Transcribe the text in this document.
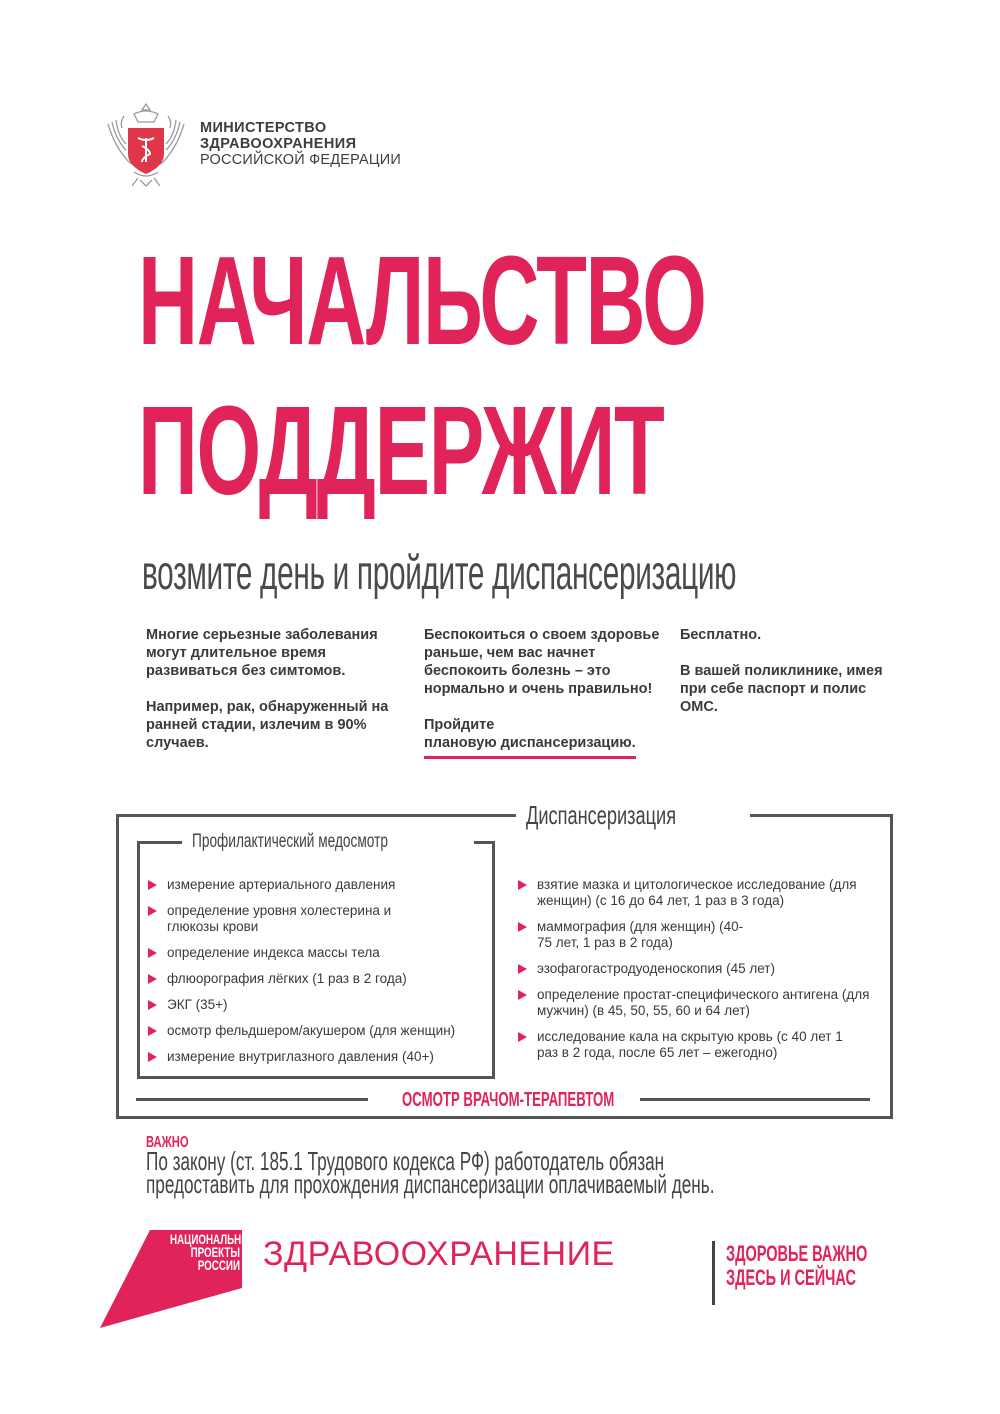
МИНИСТЕРСТВО
ЗДРАВООХРАНЕНИЯ
РОССИЙСКОЙ ФЕДЕРАЦИИ
НАЧАЛЬСТВО
ПОДДЕРЖИТ
возмите день и пройдите диспансеризацию

Многие серьезные заболевания могут длительное время развиваться без симтомов.

Например, рак, обнаруженный на ранней стадии, излечим в 90% случаев.

Беспокоиться о своем здоровье раньше, чем вас начнет беспокоить болезнь – это нормально и очень правильно!

Пройдите
плановую диспансеризацию.

Бесплатно.

В вашей поликлинике, имея при себе паспорт и полис ОМС.

Диспансеризация
Профилактический медосмотр
измерение артериального давления
определение уровня холестерина и глюкозы крови
определение индекса массы тела
флюорография лёгких (1 раз в 2 года)
ЭКГ (35+)
осмотр фельдшером/акушером (для женщин)
измерение внутриглазного давления (40+)
взятие мазка и цитологическое исследование (для женщин) (с 16 до 64 лет, 1 раз в 3 года)
маммография (для женщин) (40-75 лет, 1 раз в 2 года)
эзофагогастродуоденоскопия (45 лет)
определение простат-специфического антигена (для мужчин) (в 45, 50, 55, 60 и 64 лет)
исследование кала на скрытую кровь (с 40 лет 1 раз в 2 года, после 65 лет – ежегодно)
ОСМОТР ВРАЧОМ-ТЕРАПЕВТОМ
ВАЖНО
По закону (ст. 185.1 Трудового кодекса РФ) работодатель обязан
предоставить для прохождения диспансеризации оплачиваемый день.
НАЦИОНАЛЬНЫЕ
ПРОЕКТЫ
РОССИИ ЗДРАВООХРАНЕНИЕ	ЗДОРОВЬЕ ВАЖНО
ЗДЕСЬ И СЕЙЧАС
